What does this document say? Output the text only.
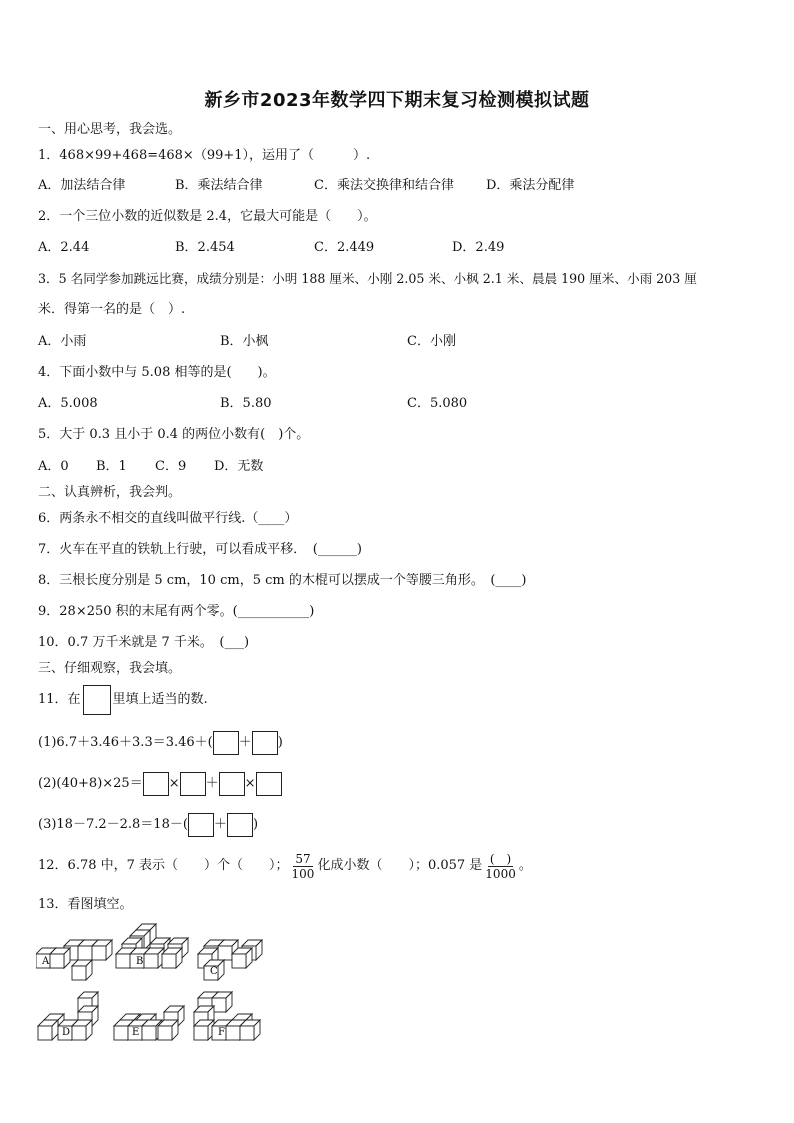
新乡市2023年数学四下期末复习检测模拟试题
一、用心思考，我会选。
1．468×99+468=468×（99+1），运用了（　　　）.
A．加法结合律	B．乘法结合律	C．乘法交换律和结合律 D．乘法分配律
2．一个三位小数的近似数是 2.4，它最大可能是（　　）。
A．2.44	B．2.454	C．2.449	D．2.49
3．5 名同学参加跳远比赛，成绩分别是：小明 188 厘米、小刚 2.05 米、小枫 2.1 米、晨晨 190 厘米、小雨 203 厘
米．得第一名的是（　）.
A．小雨	B．小枫	C．小刚
4．下面小数中与 5.08 相等的是(　　)。
A．5.008	B．5.80	C．5.080
5．大于 0.3 且小于 0.4 的两位小数有(　)个。
A．0 B．1 C．9 D．无数
二、认真辨析，我会判。
6．两条永不相交的直线叫做平行线.（____）
7．火车在平直的铁轨上行驶，可以看成平移．　(______)
8．三根长度分别是 5 cm，10 cm，5 cm 的木棍可以摆成一个等腰三角形。　(____)
9．28×250 积的末尾有两个零。(___________)
10．0.7 万千米就是 7 千米。　(___)
三、仔细观察，我会填。
11．在 里填上适当的数.
(1)6.7＋3.46＋3.3＝3.46＋( ＋ )
(2)(40+8)×25＝ × ＋ ×
(3)18－7.2－2.8＝18－( ＋ )
12．6.78 中，7 表示（　　）个（　　）； $\frac{57}{100}$ 化成小数（　　）；0.057 是 $\frac{( )}{1000}$ 。
13．看图填空。
A	B
C
D	E	F
